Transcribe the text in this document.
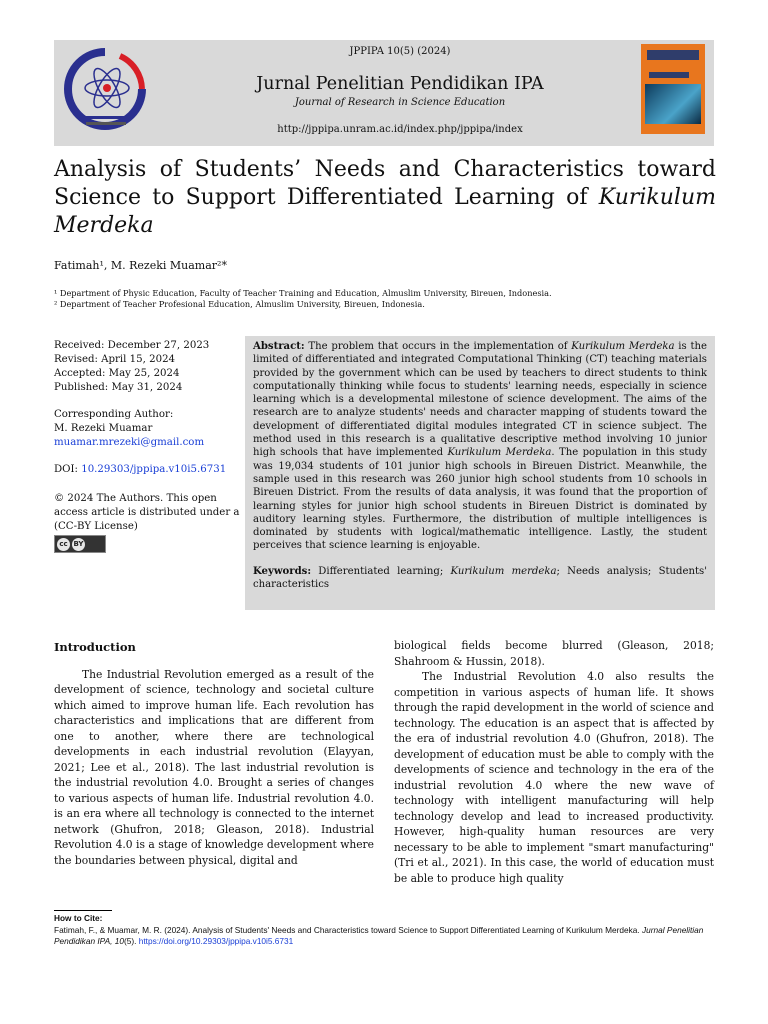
JPPIPA 10(5) (2024)
Jurnal Penelitian Pendidikan IPA
Journal of Research in Science Education
http://jppipa.unram.ac.id/index.php/jppipa/index
Analysis of Students’ Needs and Characteristics toward Science to Support Differentiated Learning of Kurikulum Merdeka
Fatimah¹, M. Rezeki Muamar²*
¹ Department of Physic Education, Faculty of Teacher Training and Education, Almuslim University, Bireuen, Indonesia.
² Department of Teacher Profesional Education, Almuslim University, Bireuen, Indonesia.
Received: December 27, 2023
Revised: April 15, 2024
Accepted: May 25, 2024
Published: May 31, 2024
Corresponding Author:
M. Rezeki Muamar
muamar.mrezeki@gmail.com
DOI: 10.29303/jppipa.v10i5.6731
© 2024 The Authors. This open access article is distributed under a (CC-BY License)
cc BY
Abstract: The problem that occurs in the implementation of Kurikulum Merdeka is the limited of differentiated and integrated Computational Thinking (CT) teaching materials provided by the government which can be used by teachers to direct students to think computationally thinking while focus to students' learning needs, especially in science learning which is a developmental milestone of science development. The aims of the research are to analyze students' needs and character mapping of students toward the development of differentiated digital modules integrated CT in science subject. The method used in this research is a qualitative descriptive method involving 10 junior high schools that have implemented Kurikulum Merdeka. The population in this study was 19,034 students of 101 junior high schools in Bireuen District. Meanwhile, the sample used in this research was 260 junior high school students from 10 schools in Bireuen District. From the results of data analysis, it was found that the proportion of learning styles for junior high school students in Bireuen District is dominated by auditory learning styles. Furthermore, the distribution of multiple intelligences is dominated by students with logical/mathematic intelligence. Lastly, the student perceives that science learning is enjoyable.
Keywords: Differentiated learning; Kurikulum merdeka; Needs analysis; Students' characteristics
Introduction

The Industrial Revolution emerged as a result of the development of science, technology and societal culture which aimed to improve human life. Each revolution has characteristics and implications that are different from one to another, where there are technological developments in each industrial revolution (Elayyan, 2021; Lee et al., 2018). The last industrial revolution is the industrial revolution 4.0. Brought a series of changes to various aspects of human life. Industrial revolution 4.0. is an era where all technology is connected to the internet network (Ghufron, 2018; Gleason, 2018). Industrial Revolution 4.0 is a stage of knowledge development where the boundaries between physical, digital and

biological fields become blurred (Gleason, 2018; Shahroom & Hussin, 2018).

The Industrial Revolution 4.0 also results the competition in various aspects of human life. It shows through the rapid development in the world of science and technology. The education is an aspect that is affected by the era of industrial revolution 4.0 (Ghufron, 2018). The development of education must be able to comply with the developments of science and technology in the era of the industrial revolution 4.0 where the new wave of technology with intelligent manufacturing will help technology develop and lead to increased productivity. However, high-quality human resources are very necessary to be able to implement "smart manufacturing" (Tri et al., 2021). In this case, the world of education must be able to produce high quality

How to Cite:
Fatimah, F., & Muamar, M. R. (2024). Analysis of Students' Needs and Characteristics toward Science to Support Differentiated Learning of Kurikulum Merdeka. Jurnal Penelitian Pendidikan IPA, 10(5). https://doi.org/10.29303/jppipa.v10i5.6731
